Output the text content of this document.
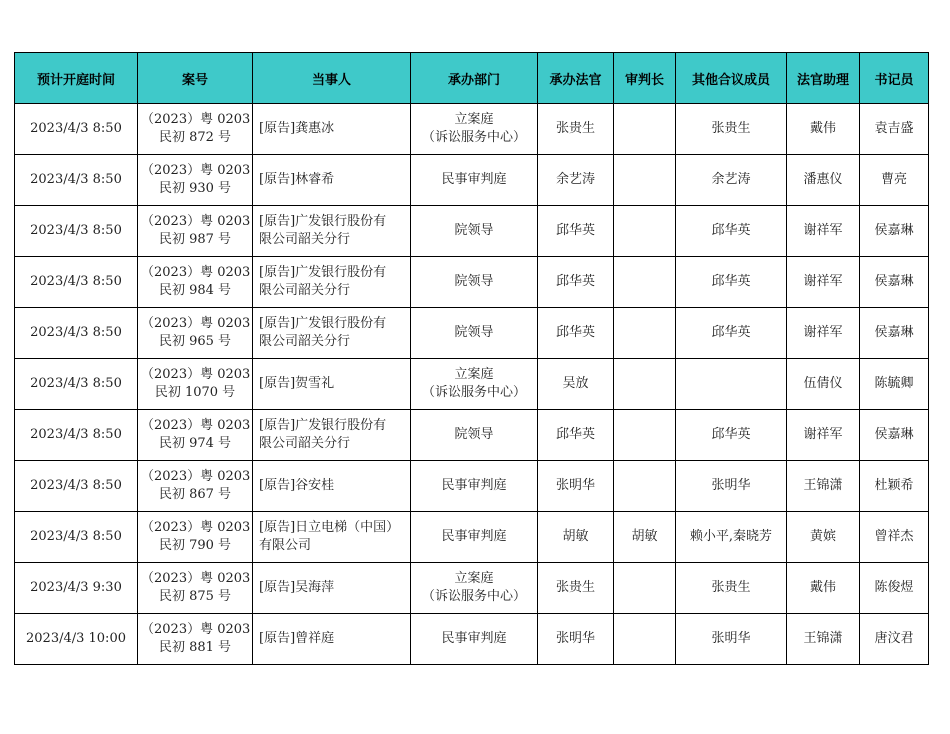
预计开庭时间	案号	当事人	承办部门	承办法官	审判长	其他合议成员	法官助理	书记员

2023/4/3 8:50	（2023）粤 0203
民初 872 号	[原告]龚惠冰	立案庭
（诉讼服务中心）	张贵生		张贵生	戴伟	袁吉盛

2023/4/3 8:50	（2023）粤 0203
民初 930 号	[原告]林睿希	民事审判庭	余艺涛		余艺涛	潘惠仪	曹亮

2023/4/3 8:50	（2023）粤 0203
民初 987 号	[原告]广发银行股份有
限公司韶关分行	院领导	邱华英		邱华英	谢祥军	侯嘉琳

2023/4/3 8:50	（2023）粤 0203
民初 984 号	[原告]广发银行股份有
限公司韶关分行	院领导	邱华英		邱华英	谢祥军	侯嘉琳

2023/4/3 8:50	（2023）粤 0203
民初 965 号	[原告]广发银行股份有
限公司韶关分行	院领导	邱华英		邱华英	谢祥军	侯嘉琳

2023/4/3 8:50	（2023）粤 0203
民初 1070 号	[原告]贺雪礼	立案庭
（诉讼服务中心）	吴放			伍倩仪	陈毓卿

2023/4/3 8:50	（2023）粤 0203
民初 974 号	[原告]广发银行股份有
限公司韶关分行	院领导	邱华英		邱华英	谢祥军	侯嘉琳

2023/4/3 8:50	（2023）粤 0203
民初 867 号	[原告]谷安桂	民事审判庭	张明华		张明华	王锦潇	杜颖希

2023/4/3 8:50	（2023）粤 0203
民初 790 号	[原告]日立电梯（中国）
有限公司	民事审判庭	胡敏	胡敏	赖小平,秦晓芳	黄嫔	曾祥杰

2023/4/3 9:30	（2023）粤 0203
民初 875 号	[原告]吴海萍	立案庭
（诉讼服务中心）	张贵生		张贵生	戴伟	陈俊煜

2023/4/3 10:00	（2023）粤 0203
民初 881 号	[原告]曾祥庭	民事审判庭	张明华		张明华	王锦潇	唐汶君
